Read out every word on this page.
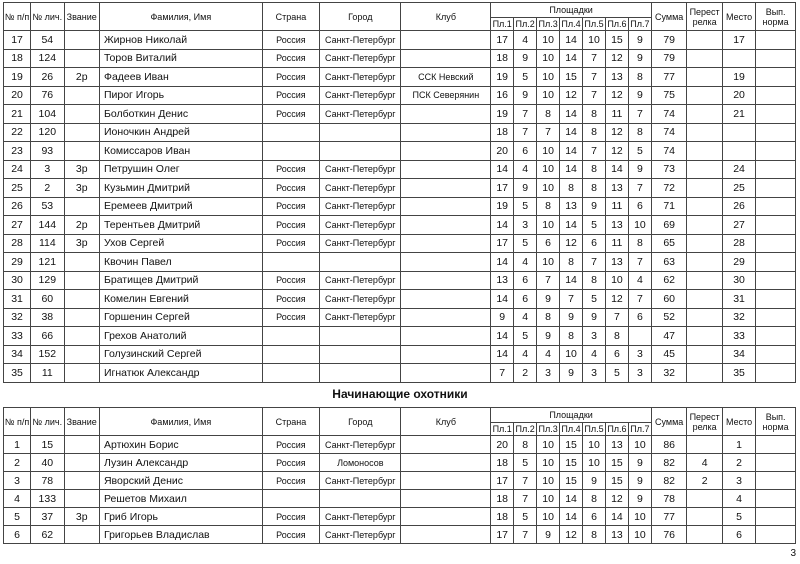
№ п/п	№ лич.	Звание	Фамилия, Имя	Страна	Город	Клуб	Площадки							Сумма	Перест релка	Место	Вып. норма
							Пл.1	Пл.2	Пл.3	Пл.4	Пл.5	Пл.6	Пл.7				
17	54		Жирнов Николай	Россия	Санкт-Петербург		17	4	10	14	10	15	9	79		17	
18	124		Торов Виталий	Россия	Санкт-Петербург		18	9	10	14	7	12	9	79			
19	26	2р	Фадеев Иван	Россия	Санкт-Петербург	ССК Невский	19	5	10	15	7	13	8	77		19	
20	76		Пирог Игорь	Россия	Санкт-Петербург	ПСК Северянин	16	9	10	12	7	12	9	75		20	
21	104		Болботкин Денис	Россия	Санкт-Петербург		19	7	8	14	8	11	7	74		21	
22	120		Ионочкин Андрей				18	7	7	14	8	12	8	74			
23	93		Комиссаров Иван				20	6	10	14	7	12	5	74			
24	3	3р	Петрушин Олег	Россия	Санкт-Петербург		14	4	10	14	8	14	9	73		24	
25	2	3р	Кузьмин Дмитрий	Россия	Санкт-Петербург		17	9	10	8	8	13	7	72		25	
26	53		Еремеев Дмитрий	Россия	Санкт-Петербург		19	5	8	13	9	11	6	71		26	
27	144	2р	Терентьев Дмитрий	Россия	Санкт-Петербург		14	3	10	14	5	13	10	69		27	
28	114	3р	Ухов Сергей	Россия	Санкт-Петербург		17	5	6	12	6	11	8	65		28	
29	121		Квочин Павел				14	4	10	8	7	13	7	63		29	
30	129		Братищев Дмитрий	Россия	Санкт-Петербург		13	6	7	14	8	10	4	62		30	
31	60		Комелин Евгений	Россия	Санкт-Петербург		14	6	9	7	5	12	7	60		31	
32	38		Горшенин Сергей	Россия	Санкт-Петербург		9	4	8	9	9	7	6	52		32	
33	66		Грехов Анатолий				14	5	9	8	3	8		47		33	
34	152		Голузинский Сергей				14	4	4	10	4	6	3	45		34	
35	11		Игнатюк Александр				7	2	3	9	3	5	3	32		35	
Начинающие охотники
№ п/п	№ лич.	Звание	Фамилия, Имя	Страна	Город	Клуб	Площадки							Сумма	Перест релка	Место	Вып. норма
							Пл.1	Пл.2	Пл.3	Пл.4	Пл.5	Пл.6	Пл.7				
1	15		Артюхин Борис	Россия	Санкт-Петербург		20	8	10	15	10	13	10	86		1	
2	40		Лузин Александр	Россия	Ломоносов		18	5	10	15	10	15	9	82	4	2	
3	78		Яворский Денис	Россия	Санкт-Петербург		17	7	10	15	9	15	9	82	2	3	
4	133		Решетов Михаил				18	7	10	14	8	12	9	78		4	
5	37	3р	Гриб Игорь	Россия	Санкт-Петербург		18	5	10	14	6	14	10	77		5	
6	62		Григорьев Владислав	Россия	Санкт-Петербург		17	7	9	12	8	13	10	76		6	
3
